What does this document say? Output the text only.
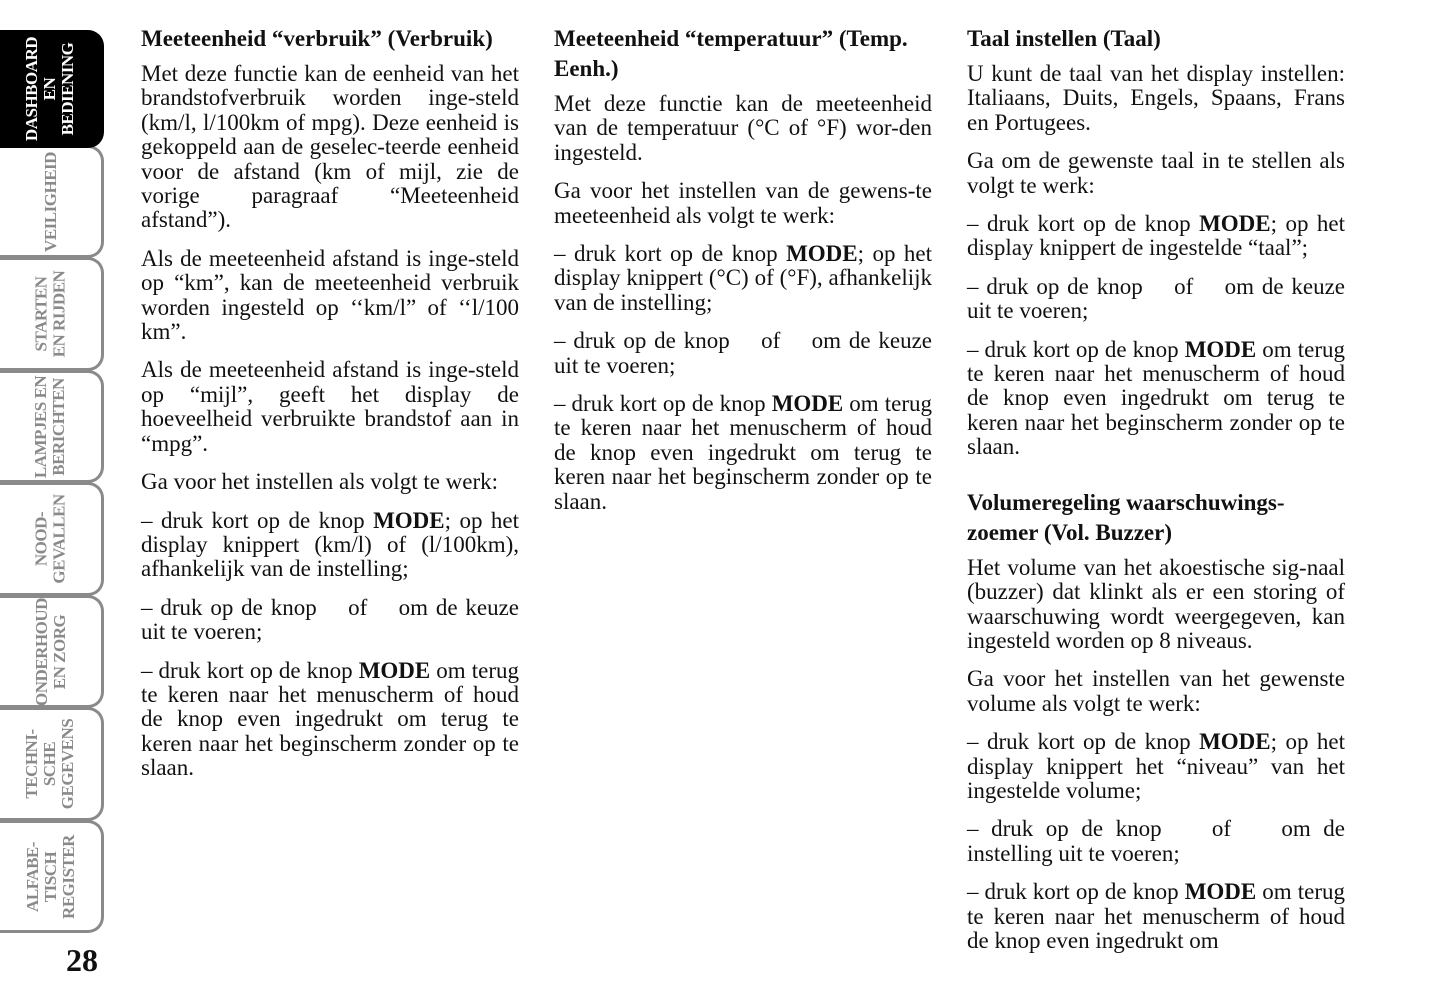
DASHBOARD
EN
BEDIENING
VEILIGHEID
STARTEN
EN RIJDEN
LAMPJES EN
BERICHTEN
NOOD-
GEVALLEN
ONDERHOUD
EN ZORG
TECHNI-
SCHE
GEGEVENS
ALFABE-
TISCH
REGISTER
28
Meeteenheid “verbruik” (Verbruik)

Met deze functie kan de eenheid van het brandstofverbruik worden inge-steld (km/l, l/100km of mpg). Deze eenheid is gekoppeld aan de geselec-teerde eenheid voor de afstand (km of mijl, zie de vorige paragraaf “Meeteenheid afstand”).

Als de meeteenheid afstand is inge-steld op “km”, kan de meeteenheid verbruik worden ingesteld op ‘‘km/l” of ‘‘l/100 km”.

Als de meeteenheid afstand is inge-steld op “mijl”, geeft het display de hoeveelheid verbruikte brandstof aan in “mpg”.

Ga voor het instellen als volgt te werk:

– druk kort op de knop MODE; op het display knippert (km/l) of (l/100km), afhankelijk van de instelling;

– druk op de knop    of    om de keuze uit te voeren;

– druk kort op de knop MODE om terug te keren naar het menuscherm of houd de knop even ingedrukt om terug te keren naar het beginscherm zonder op te slaan.

Meeteenheid “temperatuur” (Temp. Eenh.)

Met deze functie kan de meeteenheid van de temperatuur (°C of °F) wor-den ingesteld.

Ga voor het instellen van de gewens-te meeteenheid als volgt te werk:

– druk kort op de knop MODE; op het display knippert (°C) of (°F), afhankelijk van de instelling;

– druk op de knop    of    om de keuze uit te voeren;

– druk kort op de knop MODE om terug te keren naar het menuscherm of houd de knop even ingedrukt om terug te keren naar het beginscherm zonder op te slaan.

Taal instellen (Taal)

U kunt de taal van het display instellen: Italiaans, Duits, Engels, Spaans, Frans en Portugees.

Ga om de gewenste taal in te stellen als volgt te werk:

– druk kort op de knop MODE; op het display knippert de ingestelde “taal”;

– druk op de knop    of    om de keuze uit te voeren;

– druk kort op de knop MODE om terug te keren naar het menuscherm of houd de knop even ingedrukt om terug te keren naar het beginscherm zonder op te slaan.

Volumeregeling waarschuwings-zoemer (Vol. Buzzer)

Het volume van het akoestische sig-naal (buzzer) dat klinkt als er een storing of waarschuwing wordt weergegeven, kan ingesteld worden op 8 niveaus.

Ga voor het instellen van het gewenste volume als volgt te werk:

– druk kort op de knop MODE; op het display knippert het “niveau” van het ingestelde volume;

– druk op de knop    of    om de instelling uit te voeren;

– druk kort op de knop MODE om terug te keren naar het menuscherm of houd de knop even ingedrukt om
